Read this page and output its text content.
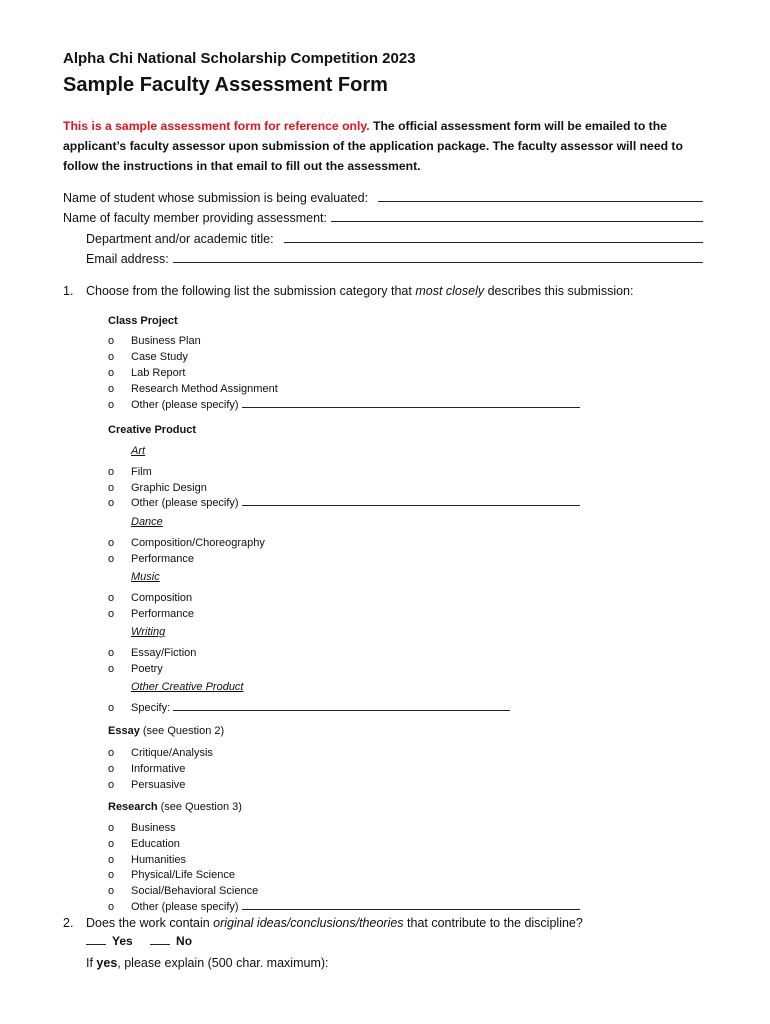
Alpha Chi National Scholarship Competition 2023
Sample Faculty Assessment Form
This is a sample assessment form for reference only. The official assessment form will be emailed to the applicant’s faculty assessor upon submission of the application package. The faculty assessor will need to follow the instructions in that email to fill out the assessment.
Name of student whose submission is being evaluated:
Name of faculty member providing assessment:
Department and/or academic title:
Email address:
1.	Choose from the following list the submission category that most closely describes this submission:
Class Project
o	Business Plan
o	Case Study
o	Lab Report
o	Research Method Assignment
o	Other (please specify)
Creative Product
Art
o	Film
o	Graphic Design
o	Other (please specify)
Dance
o	Composition/Choreography
o	Performance
Music
o	Composition
o	Performance
Writing
o	Essay/Fiction
o	Poetry
Other Creative Product
o	Specify:
Essay (see Question 2)
o	Critique/Analysis
o	Informative
o	Persuasive
Research (see Question 3)
o	Business
o	Education
o	Humanities
o	Physical/Life Science
o	Social/Behavioral Science
o	Other (please specify)
2.	Does the work contain original ideas/conclusions/theories that contribute to the discipline?
Yes	No
If yes, please explain (500 char. maximum):
